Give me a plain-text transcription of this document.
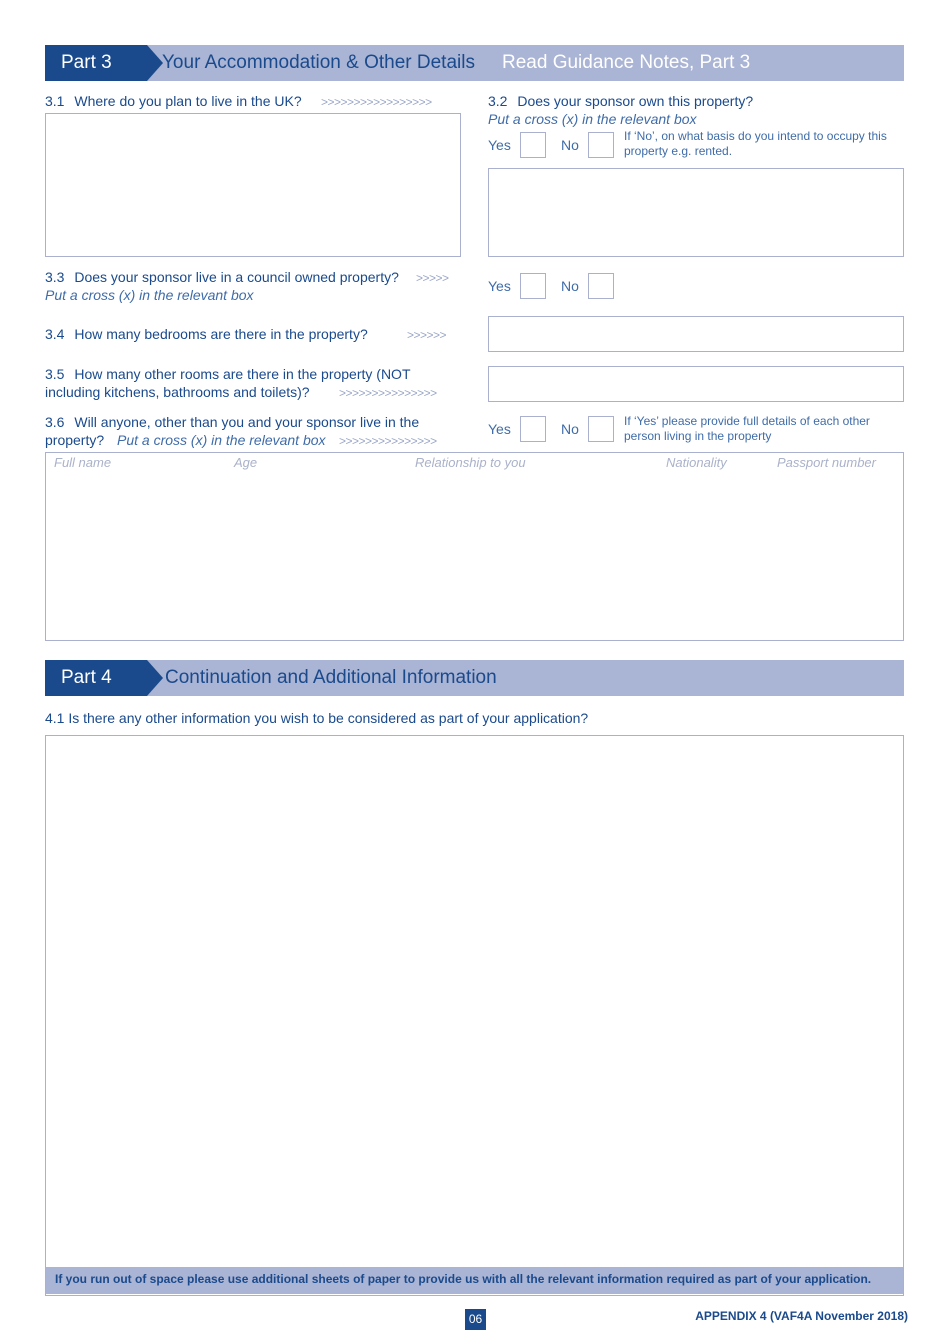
Part 3	Your Accommodation & Other Details Read Guidance Notes, Part 3
3.1 Where do you plan to live in the UK? >>>>>>>>>>>>>>>>>	3.2 Does your sponsor own this property?
Put a cross (x) in the relevant box
Yes	No
If ‘No’, on what basis do you intend to occupy this property e.g. rented.
3.3 Does your sponsor live in a council owned property? >>>>>
Put a cross (x) in the relevant box
Yes	No
3.4 How many bedrooms are there in the property?	>>>>>>
3.5 How many other rooms are there in the property (NOT
including kitchens, bathrooms and toilets)? >>>>>>>>>>>>>>>
3.6 Will anyone, other than you and your sponsor live in the
property? Put a cross (x) in the relevant box >>>>>>>>>>>>>>>
Yes	No	If ‘Yes’ please provide full details of each other person living in the property
Full name	Age	Relationship to you	Nationality	Passport number
Part 4	Continuation and Additional Information
4.1 Is there any other information you wish to be considered as part of your application?
If you run out of space please use additional sheets of paper to provide us with all the relevant information required as part of your application.
06	APPENDIX 4 (VAF4A November 2018)
